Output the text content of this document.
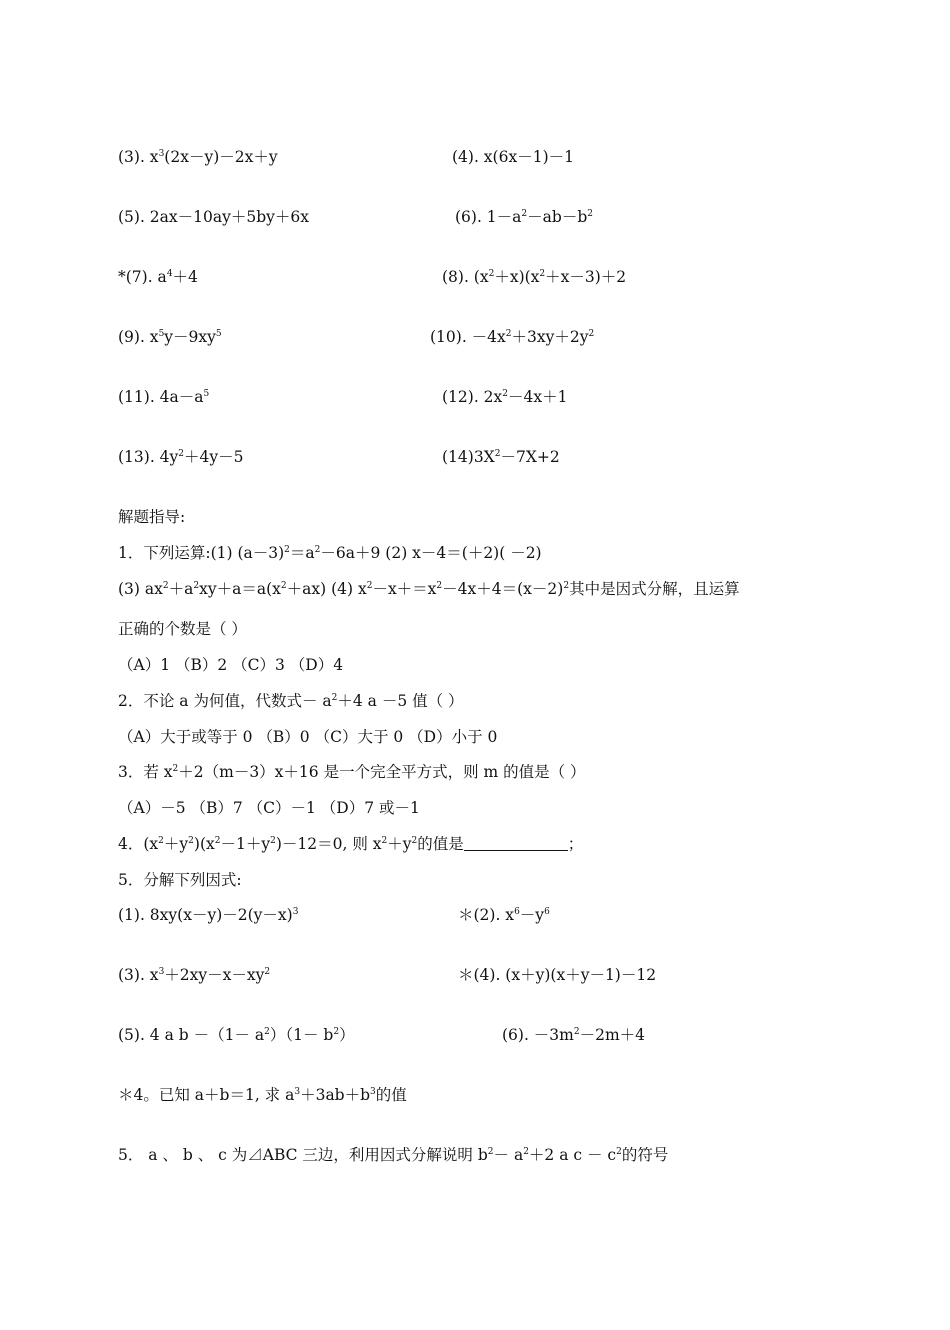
(3). $x^3(2x-y)-2x+y$	(4). x(6x－1)－1
(5). 2ax－10ay＋5by＋6x	(6). $1-a^2-ab-b^2$
*(7). $a^4+4$	(8). $(x^2+x)(x^2+x-3)+2$
(9). $x^5y-9xy^5$	(10). $-4x^2+3xy+2y^2$
(11). $4a-a^5$	(12). $2x^2-4x+1$
(13). $4y^2+4y-5$	$(14)3X^2-7X+2$
解题指导:
1．下列运算:(1) $(a-3)^2=a^2-6a+9$ (2) x－4＝(＋2)( －2)
(3) $ax^2+a^2xy+a=a(x^2+ax)$ (4) $x^2-x+=x^2-4x+4=(x-2)^2$其中是因式分解，且运算
正确的个数是（ ）
（A）1 （B）2 （C）3 （D）4
2．不论 a 为何值，代数式－ $a^2+4$ a －5 值（ ）
（A）大于或等于 0 （B）0 （C）大于 0 （D）小于 0
3．若 $x^2+2(m-3)x+16$ 是一个完全平方式，则 m 的值是（ ）
（A）－5 （B）7 （C）－1 （D）7 或－1
4．$(x^2+y^2)(x^2-1+y^2)-12=0$, 则 $x^2+y^2$的值是	；
5．分解下列因式:
(1). $8xy(x-y)-2(y-x)^3$	＊(2). $x^6-y^6$
(3). $x^3+2xy-x-xy^2$	＊(4). (x＋y)(x＋y－1)－12
(5). 4 a $b -(1- a^2)(1- b^2)$	(6). $-3m^2-2m+4$
＊4。已知 a＋b＝1, 求 $a^3+3ab+b^3$的值
5． a 、 b 、 c 为⊿ABC 三边，利用因式分解说明 $b^2- a^2+2$ a $c - c^2$的符号
